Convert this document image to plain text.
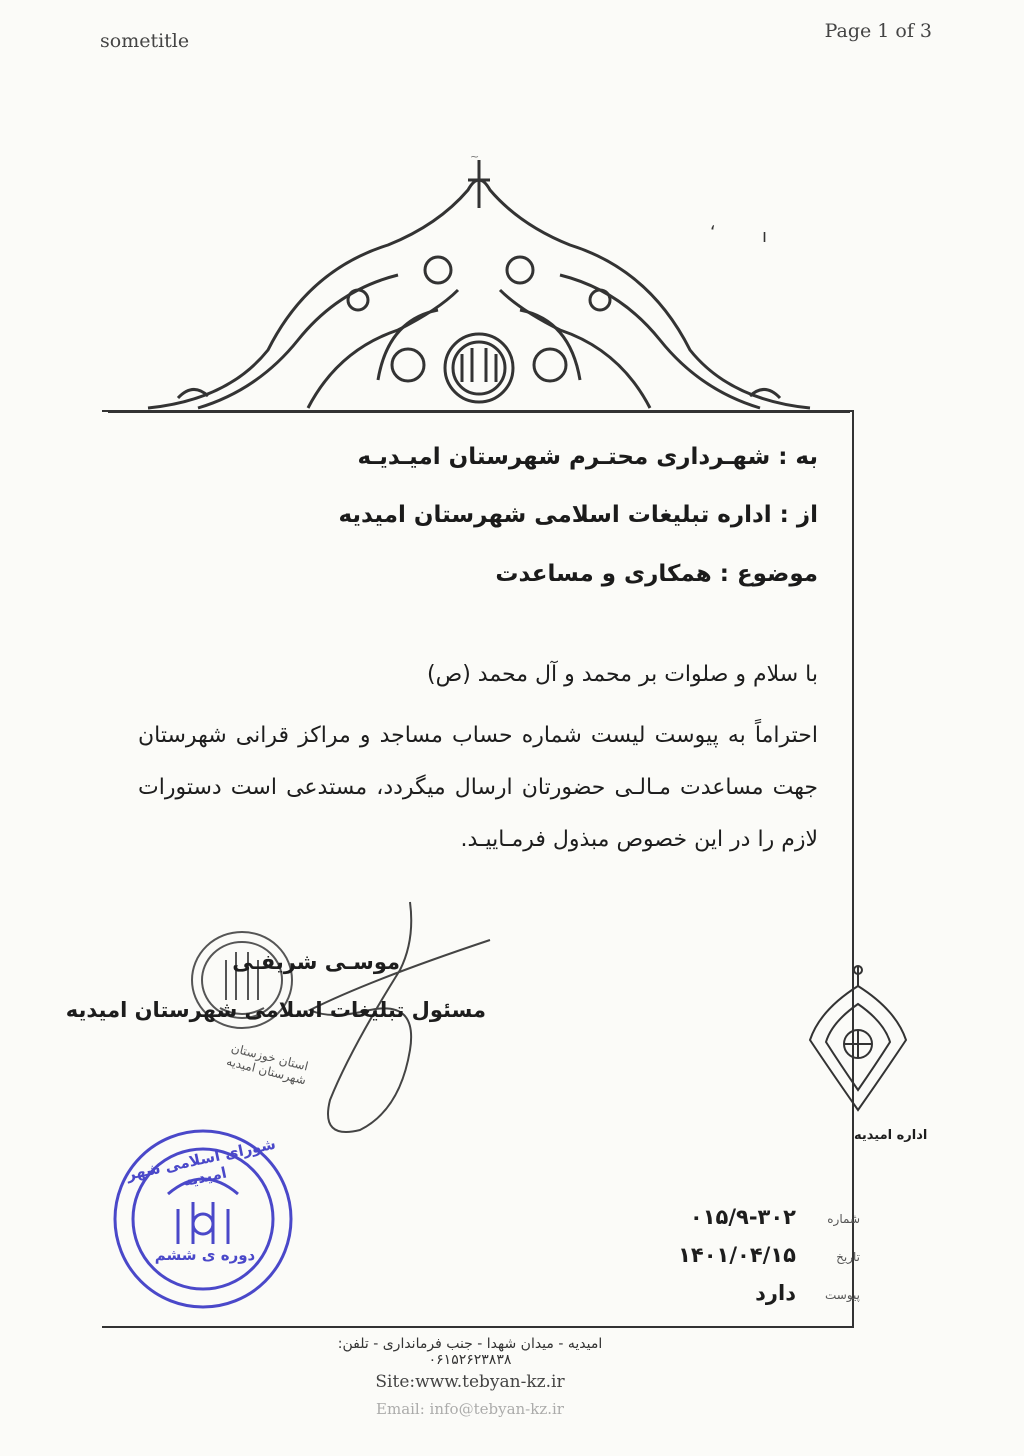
sometitle	Page 1 of 3
به : شهـرداری محتـرم شهرستان امیـدیـه
از : اداره تبلیغات اسلامی شهرستان امیدیه
موضوع : همکاری و مساعدت
با سلام و صلوات بر محمد و آل محمد (ص)
احتراماً به پیوست لیست شماره حساب مساجد و مراکز قرانی شهرستان جهت مساعدت مـالـی حضورتان ارسال میگردد، مستدعی است دستورات لازم را در این خصوص مبذول فرمـاییـد.
استان خوزستان شهرستان امیدیه
موسـی شریفـی
مسئول تبلیغات اسلامی شهرستان امیدیه
اداره امیدیه
شماره
تاریخ
پیوست
۰۱۵/۹-۳۰۲
۱۴۰۱/۰۴/۱۵
دارد
شورای اسلامی شهر امیدیه
دوره ی ششم
ʻ	ı
~
امیدیه - میدان شهدا - جنب فرمانداری - تلفن: ۰۶۱۵۲۶۲۳۸۳۸
Site:www.tebyan-kz.ir
Email: info@tebyan-kz.ir
